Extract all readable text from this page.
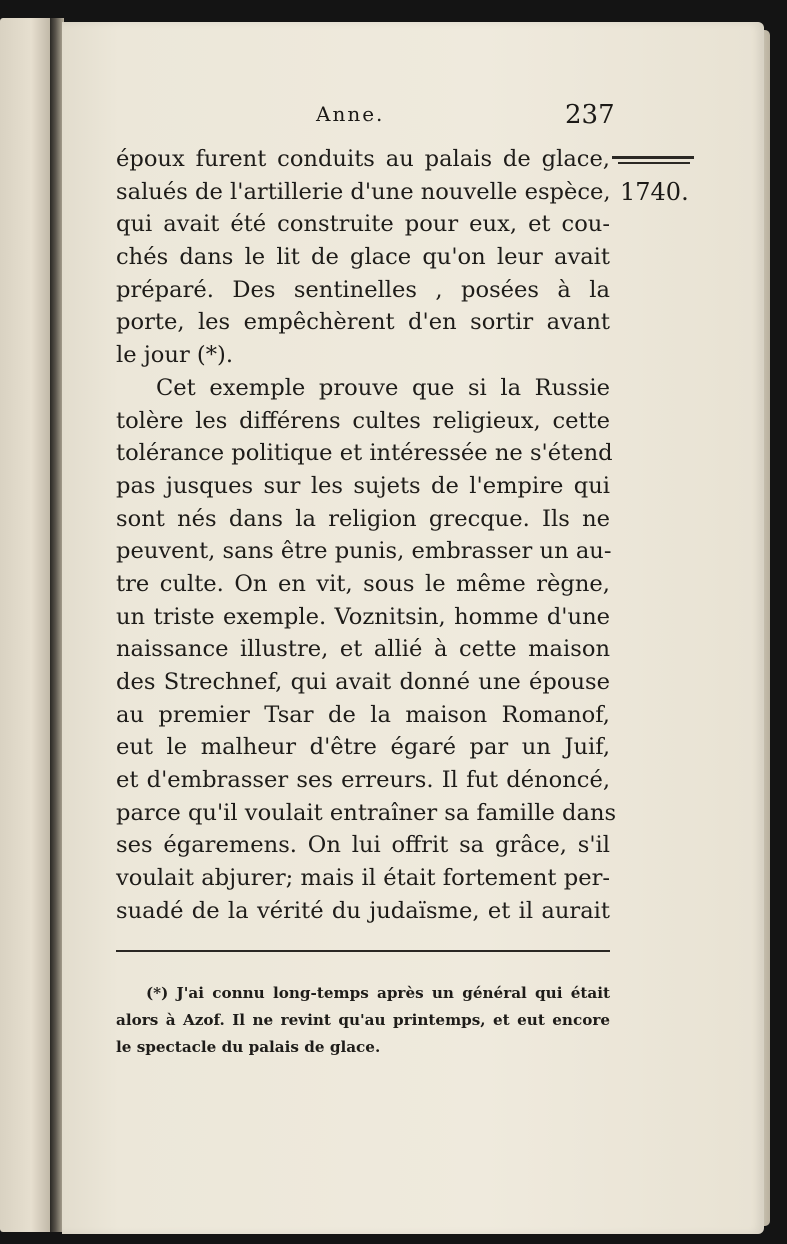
Anne.	237

1740.

époux furent conduits au palais de glace,
salués de l'artillerie d'une nouvelle espèce,
qui avait été construite pour eux, et cou-
chés dans le lit de glace qu'on leur avait
préparé. Des sentinelles , posées à la
porte, les empêchèrent d'en sortir avant
le jour (*).
Cet exemple prouve que si la Russie
tolère les différens cultes religieux, cette
tolérance politique et intéressée ne s'étend
pas jusques sur les sujets de l'empire qui
sont nés dans la religion grecque. Ils ne
peuvent, sans être punis, embrasser un au-
tre culte. On en vit, sous le même règne,
un triste exemple. Voznitsin, homme d'une
naissance illustre, et allié à cette maison
des Strechnef, qui avait donné une épouse
au premier Tsar de la maison Romanof,
eut le malheur d'être égaré par un Juif,
et d'embrasser ses erreurs. Il fut dénoncé,
parce qu'il voulait entraîner sa famille dans
ses égaremens. On lui offrit sa grâce, s'il
voulait abjurer; mais il était fortement per-
suadé de la vérité du judaïsme, et il aurait
(*) J'ai connu long-temps après un général qui était
alors à Azof. Il ne revint qu'au printemps, et eut encore
le spectacle du palais de glace.
